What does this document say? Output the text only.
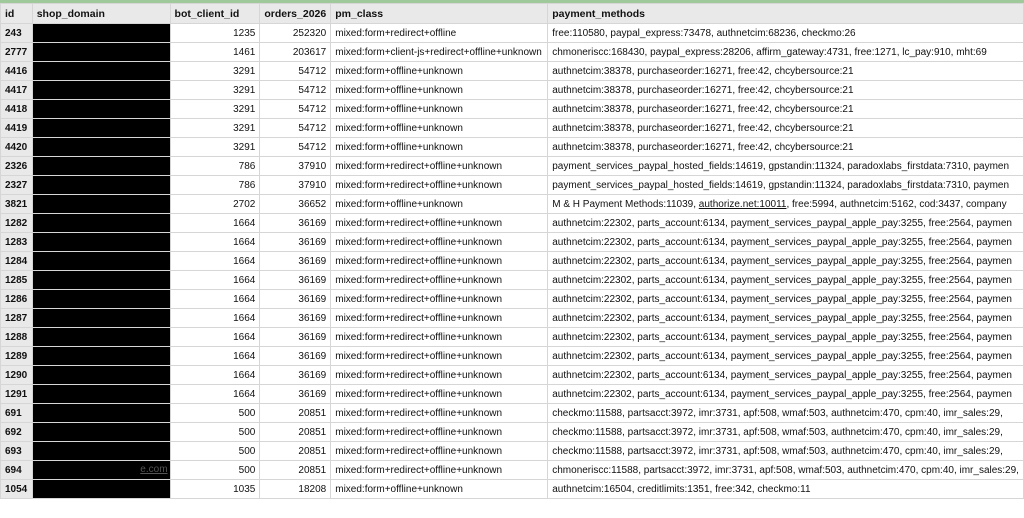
id	shop_domain	bot_client_id	orders_2026	pm_class	payment_methods
243		1235	252320	mixed:form+redirect+offline	free:110580, paypal_express:73478, authnetcim:68236, checkmo:26
2777		1461	203617	mixed:form+client-js+redirect+offline+unknown	chmoneriscc:168430, paypal_express:28206, affirm_gateway:4731, free:1271, lc_pay:910, mht:69
4416		3291	54712	mixed:form+offline+unknown	authnetcim:38378, purchaseorder:16271, free:42, chcybersource:21
4417		3291	54712	mixed:form+offline+unknown	authnetcim:38378, purchaseorder:16271, free:42, chcybersource:21
4418		3291	54712	mixed:form+offline+unknown	authnetcim:38378, purchaseorder:16271, free:42, chcybersource:21
4419		3291	54712	mixed:form+offline+unknown	authnetcim:38378, purchaseorder:16271, free:42, chcybersource:21
4420		3291	54712	mixed:form+offline+unknown	authnetcim:38378, purchaseorder:16271, free:42, chcybersource:21
2326		786	37910	mixed:form+redirect+offline+unknown	payment_services_paypal_hosted_fields:14619, gpstandin:11324, paradoxlabs_firstdata:7310, paymen
2327		786	37910	mixed:form+redirect+offline+unknown	payment_services_paypal_hosted_fields:14619, gpstandin:11324, paradoxlabs_firstdata:7310, paymen
3821		2702	36652	mixed:form+offline+unknown	M & H Payment Methods:11039, authorize.net:10011, free:5994, authnetcim:5162, cod:3437, company
1282		1664	36169	mixed:form+redirect+offline+unknown	authnetcim:22302, parts_account:6134, payment_services_paypal_apple_pay:3255, free:2564, paymen
1283		1664	36169	mixed:form+redirect+offline+unknown	authnetcim:22302, parts_account:6134, payment_services_paypal_apple_pay:3255, free:2564, paymen
1284		1664	36169	mixed:form+redirect+offline+unknown	authnetcim:22302, parts_account:6134, payment_services_paypal_apple_pay:3255, free:2564, paymen
1285		1664	36169	mixed:form+redirect+offline+unknown	authnetcim:22302, parts_account:6134, payment_services_paypal_apple_pay:3255, free:2564, paymen
1286		1664	36169	mixed:form+redirect+offline+unknown	authnetcim:22302, parts_account:6134, payment_services_paypal_apple_pay:3255, free:2564, paymen
1287		1664	36169	mixed:form+redirect+offline+unknown	authnetcim:22302, parts_account:6134, payment_services_paypal_apple_pay:3255, free:2564, paymen
1288		1664	36169	mixed:form+redirect+offline+unknown	authnetcim:22302, parts_account:6134, payment_services_paypal_apple_pay:3255, free:2564, paymen
1289		1664	36169	mixed:form+redirect+offline+unknown	authnetcim:22302, parts_account:6134, payment_services_paypal_apple_pay:3255, free:2564, paymen
1290		1664	36169	mixed:form+redirect+offline+unknown	authnetcim:22302, parts_account:6134, payment_services_paypal_apple_pay:3255, free:2564, paymen
1291		1664	36169	mixed:form+redirect+offline+unknown	authnetcim:22302, parts_account:6134, payment_services_paypal_apple_pay:3255, free:2564, paymen
691		500	20851	mixed:form+redirect+offline+unknown	checkmo:11588, partsacct:3972, imr:3731, apf:508, wmaf:503, authnetcim:470, cpm:40, imr_sales:29,
692		500	20851	mixed:form+redirect+offline+unknown	checkmo:11588, partsacct:3972, imr:3731, apf:508, wmaf:503, authnetcim:470, cpm:40, imr_sales:29,
693		500	20851	mixed:form+redirect+offline+unknown	checkmo:11588, partsacct:3972, imr:3731, apf:508, wmaf:503, authnetcim:470, cpm:40, imr_sales:29,
694	e.com	500	20851	mixed:form+redirect+offline+unknown	chmoneriscc:11588, partsacct:3972, imr:3731, apf:508, wmaf:503, authnetcim:470, cpm:40, imr_sales:29,
1054		1035	18208	mixed:form+offline+unknown	authnetcim:16504, creditlimits:1351, free:342, checkmo:11
